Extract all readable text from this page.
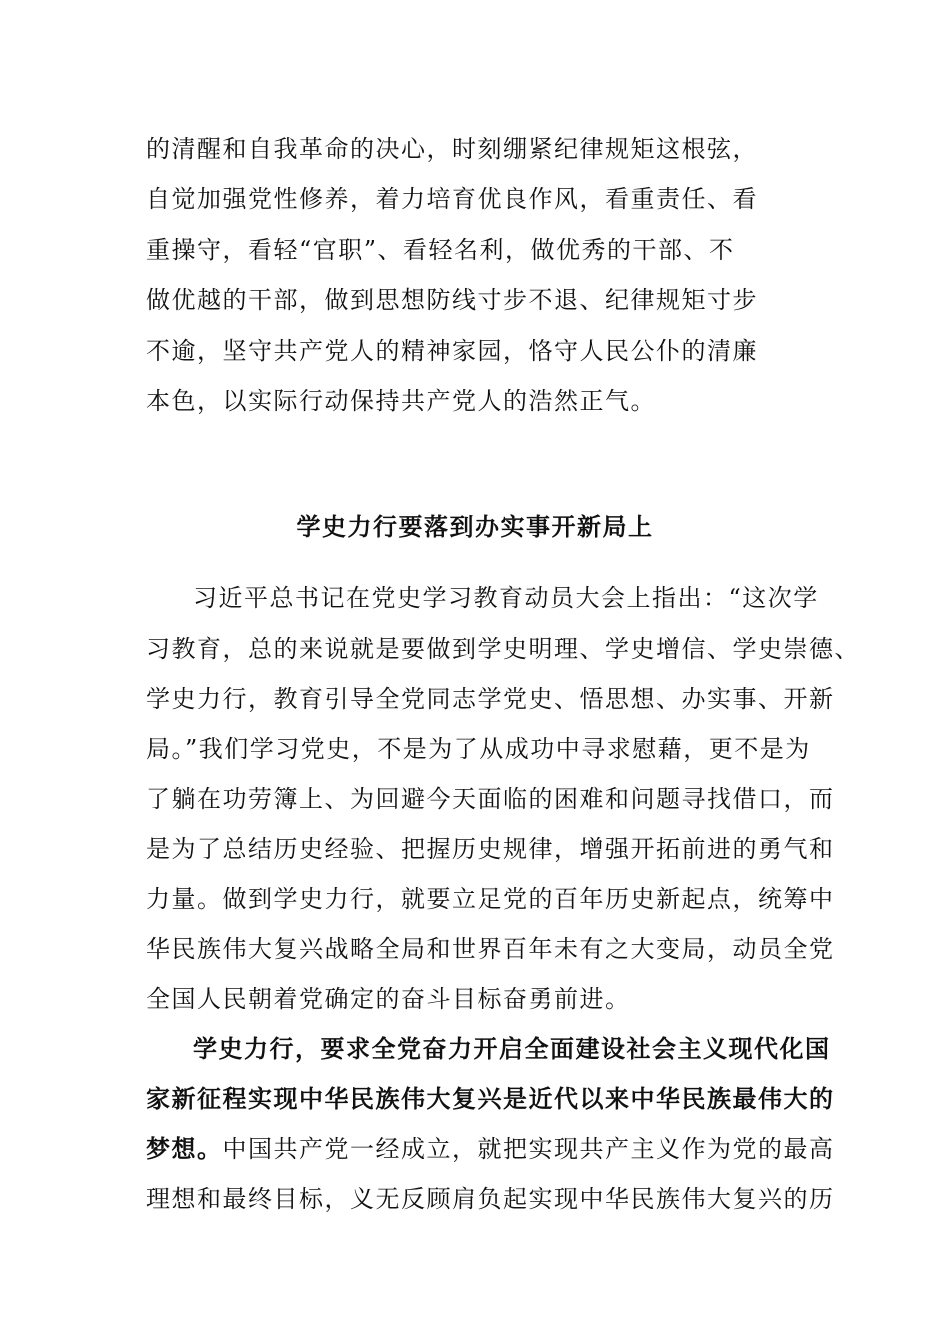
的清醒和自我革命的决心，时刻绷紧纪律规矩这根弦，
自觉加强党性修养，着力培育优良作风，看重责任、看
重操守，看轻“官职”、看轻名利，做优秀的干部、不
做优越的干部，做到思想防线寸步不退、纪律规矩寸步
不逾，坚守共产党人的精神家园，恪守人民公仆的清廉
本色，以实际行动保持共产党人的浩然正气。
学史力行要落到办实事开新局上
习近平总书记在党史学习教育动员大会上指出：“这次学
习教育，总的来说就是要做到学史明理、学史增信、学史崇德、
学史力行，教育引导全党同志学党史、悟思想、办实事、开新
局。”我们学习党史，不是为了从成功中寻求慰藉，更不是为
了躺在功劳簿上、为回避今天面临的困难和问题寻找借口，而
是为了总结历史经验、把握历史规律，增强开拓前进的勇气和
力量。做到学史力行，就要立足党的百年历史新起点，统筹中
华民族伟大复兴战略全局和世界百年未有之大变局，动员全党
全国人民朝着党确定的奋斗目标奋勇前进。
学史力行，要求全党奋力开启全面建设社会主义现代化国
家新征程实现中华民族伟大复兴是近代以来中华民族最伟大的
梦想。中国共产党一经成立，就把实现共产主义作为党的最高
理想和最终目标，义无反顾肩负起实现中华民族伟大复兴的历
